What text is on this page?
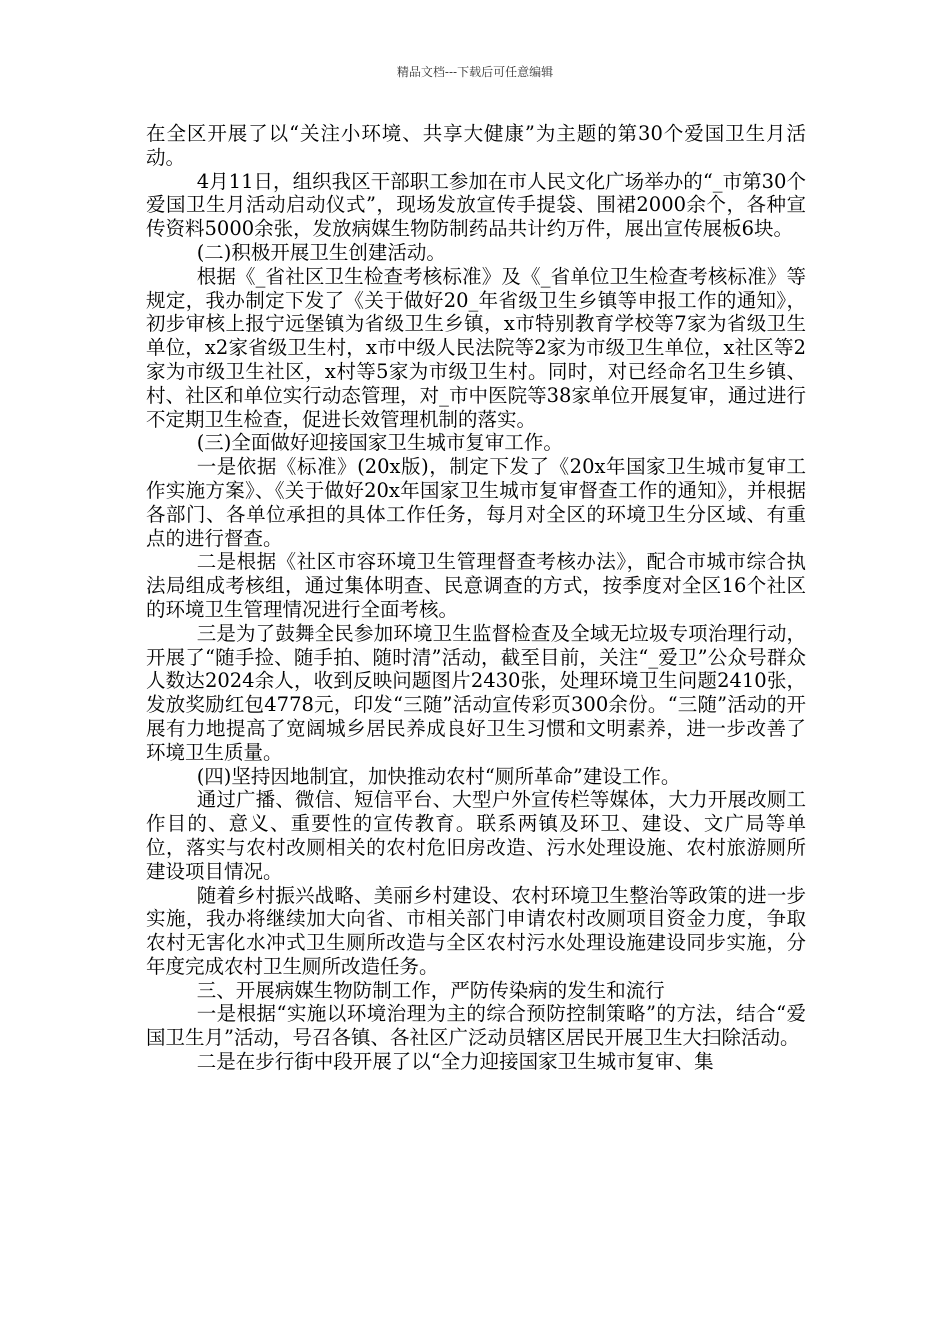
精品文档---下载后可任意编辑

在全区开展了以“关注小环境、共享大健康”为主题的第30个爱国卫生月活动。

4月11日，组织我区干部职工参加在市人民文化广场举办的“_市第30个爱国卫生月活动启动仪式”，现场发放宣传手提袋、围裙2000余个，各种宣传资料5000余张，发放病媒生物防制药品共计约万件，展出宣传展板6块。

(二)积极开展卫生创建活动。

根据《_省社区卫生检查考核标准》及《_省单位卫生检查考核标准》等规定，我办制定下发了《关于做好20_年省级卫生乡镇等申报工作的通知》，初步审核上报宁远堡镇为省级卫生乡镇，x市特别教育学校等7家为省级卫生单位，x2家省级卫生村，x市中级人民法院等2家为市级卫生单位，x社区等2家为市级卫生社区，x村等5家为市级卫生村。同时，对已经命名卫生乡镇、村、社区和单位实行动态管理，对_市中医院等38家单位开展复审，通过进行不定期卫生检查，促进长效管理机制的落实。

(三)全面做好迎接国家卫生城市复审工作。

一是依据《标准》(20x版)，制定下发了《20x年国家卫生城市复审工作实施方案》、《关于做好20x年国家卫生城市复审督查工作的通知》，并根据各部门、各单位承担的具体工作任务，每月对全区的环境卫生分区域、有重点的进行督查。

二是根据《社区市容环境卫生管理督查考核办法》，配合市城市综合执法局组成考核组，通过集体明查、民意调查的方式，按季度对全区16个社区的环境卫生管理情况进行全面考核。

三是为了鼓舞全民参加环境卫生监督检查及全域无垃圾专项治理行动，开展了“随手捡、随手拍、随时清”活动，截至目前，关注“_爱卫”公众号群众人数达2024余人，收到反映问题图片2430张，处理环境卫生问题2410张，发放奖励红包4778元，印发“三随”活动宣传彩页300余份。“三随”活动的开展有力地提高了宽阔城乡居民养成良好卫生习惯和文明素养，进一步改善了环境卫生质量。

(四)坚持因地制宜，加快推动农村“厕所革命”建设工作。

通过广播、微信、短信平台、大型户外宣传栏等媒体，大力开展改厕工作目的、意义、重要性的宣传教育。联系两镇及环卫、建设、文广局等单位，落实与农村改厕相关的农村危旧房改造、污水处理设施、农村旅游厕所建设项目情况。

随着乡村振兴战略、美丽乡村建设、农村环境卫生整治等政策的进一步实施，我办将继续加大向省、市相关部门申请农村改厕项目资金力度，争取农村无害化水冲式卫生厕所改造与全区农村污水处理设施建设同步实施，分年度完成农村卫生厕所改造任务。

三、开展病媒生物防制工作，严防传染病的发生和流行

一是根据“实施以环境治理为主的综合预防控制策略”的方法，结合“爱国卫生月”活动，号召各镇、各社区广泛动员辖区居民开展卫生大扫除活动。

二是在步行街中段开展了以“全力迎接国家卫生城市复审、集
